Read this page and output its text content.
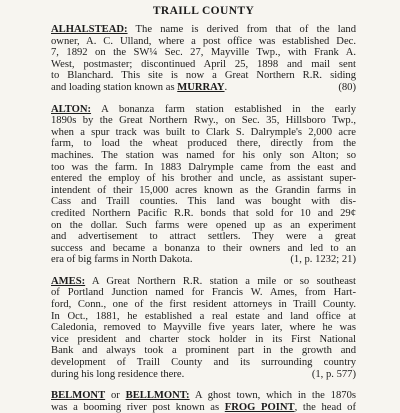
TRAILL COUNTY
ALHALSTEAD: The name is derived from that of the land
owner, A. C. Ulland, where a post office was established Dec.
7, 1892 on the SW¼ Sec. 27, Mayville Twp., with Frank A.
West, postmaster; discontinued April 25, 1898 and mail sent
to Blanchard. This site is now a Great Northern R.R. siding
and loading station known as MURRAY.	(80)
ALTON: A bonanza farm station established in the early
1890s by the Great Northern Rwy., on Sec. 35, Hillsboro Twp.,
when a spur track was built to Clark S. Dalrymple's 2,000 acre
farm, to load the wheat produced there, directly from the
machines. The station was named for his only son Alton; so
too was the farm. In 1883 Dalrymple came from the east and
entered the employ of his brother and uncle, as assistant super-
intendent of their 15,000 acres known as the Grandin farms in
Cass and Traill counties. This land was bought with dis-
credited Northern Pacific R.R. bonds that sold for 10 and 29¢
on the dollar. Such farms were opened up as an experiment
and advertisement to attract settlers. They were a great
success and became a bonanza to their owners and led to an
era of big farms in North Dakota.	(1, p. 1232; 21)
AMES: A Great Northern R.R. station a mile or so southeast
of Portland Junction named for Francis W. Ames, from Hart-
ford, Conn., one of the first resident attorneys in Traill County.
In Oct., 1881, he established a real estate and land office at
Caledonia, removed to Mayville five years later, where he was
vice president and charter stock holder in its First National
Bank and always took a prominent part in the growth and
development of Traill County and its surrounding country
during his long residence there.	(1, p. 577)
BELMONT or BELLMONT: A ghost town, which in the 1870s
was a booming river post known as FROG POINT, the head of
